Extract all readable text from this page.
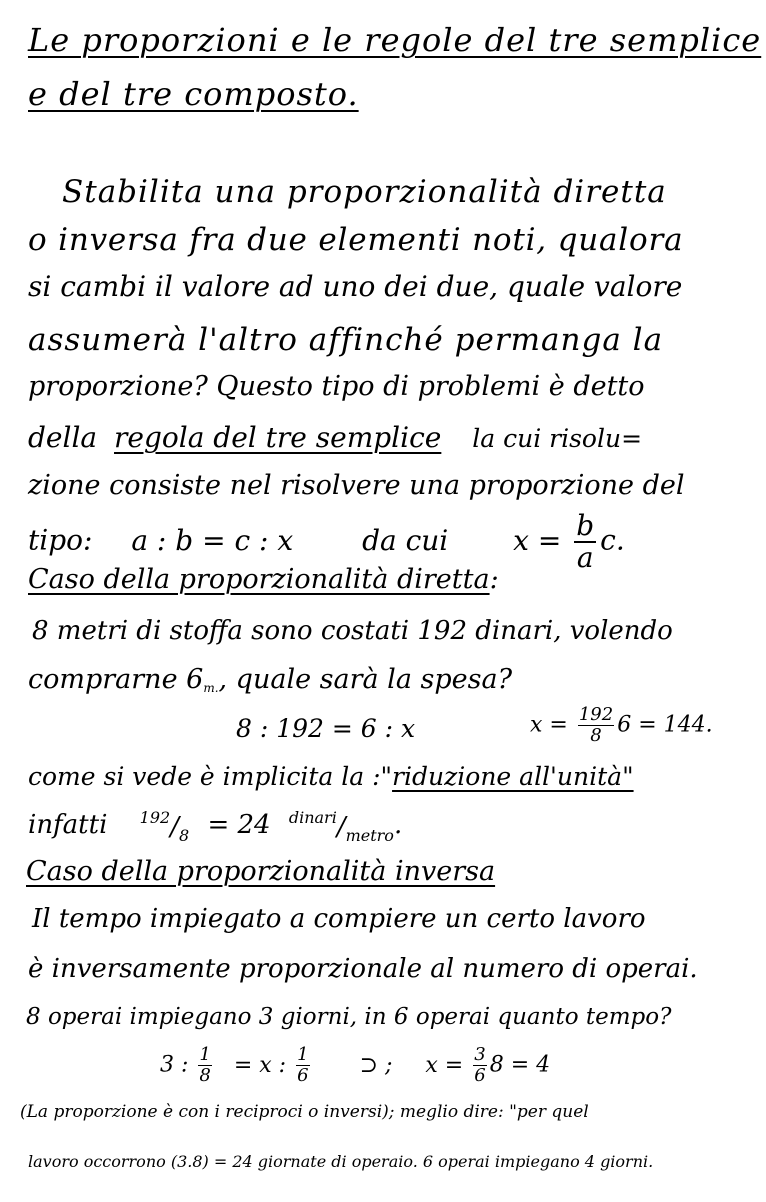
Le proporzioni e le regole del tre semplice
e del tre composto.
Stabilita una proporzionalità diretta
o inversa fra due elementi noti, qualora
si cambi il valore ad uno dei due, quale valore
assumerà l'altro affinché permanga la
proporzione? Questo tipo di problemi è detto
della regola del tre semplice la cui risolu=
zione consiste nel risolvere una proporzione del
tipo: a : b = c : x da cui $x = \frac{b}{a} c$.
Caso della proporzionalità diretta:
8 metri di stoffa sono costati 192 dinari, volendo
comprarne $6_{m.}$, quale sarà la spesa?
8 : 192 = 6 : x	$x = \frac{192}{8} 6 = 144$.
come si vede è implicita la :"riduzione all'unità"
infatti $^{192}/_8 = 24$ $^{dinari}/_{metro}$.
Caso della proporzionalità inversa
Il tempo impiegato a compiere un certo lavoro
è inversamente proporzionale al numero di operai.
8 operai impiegano 3 giorni, in 6 operai quanto tempo?
3 : $\frac{1}{8} = x$ : $\frac{1}{6}$ ⊃ ; $x = \frac{3}{6} 8 = 4$
(La proporzione è con i reciproci o inversi); meglio dire: "per quel
lavoro occorrono (3.8) = 24 giornate di operaio. 6 operai impiegano 4 giorni.
